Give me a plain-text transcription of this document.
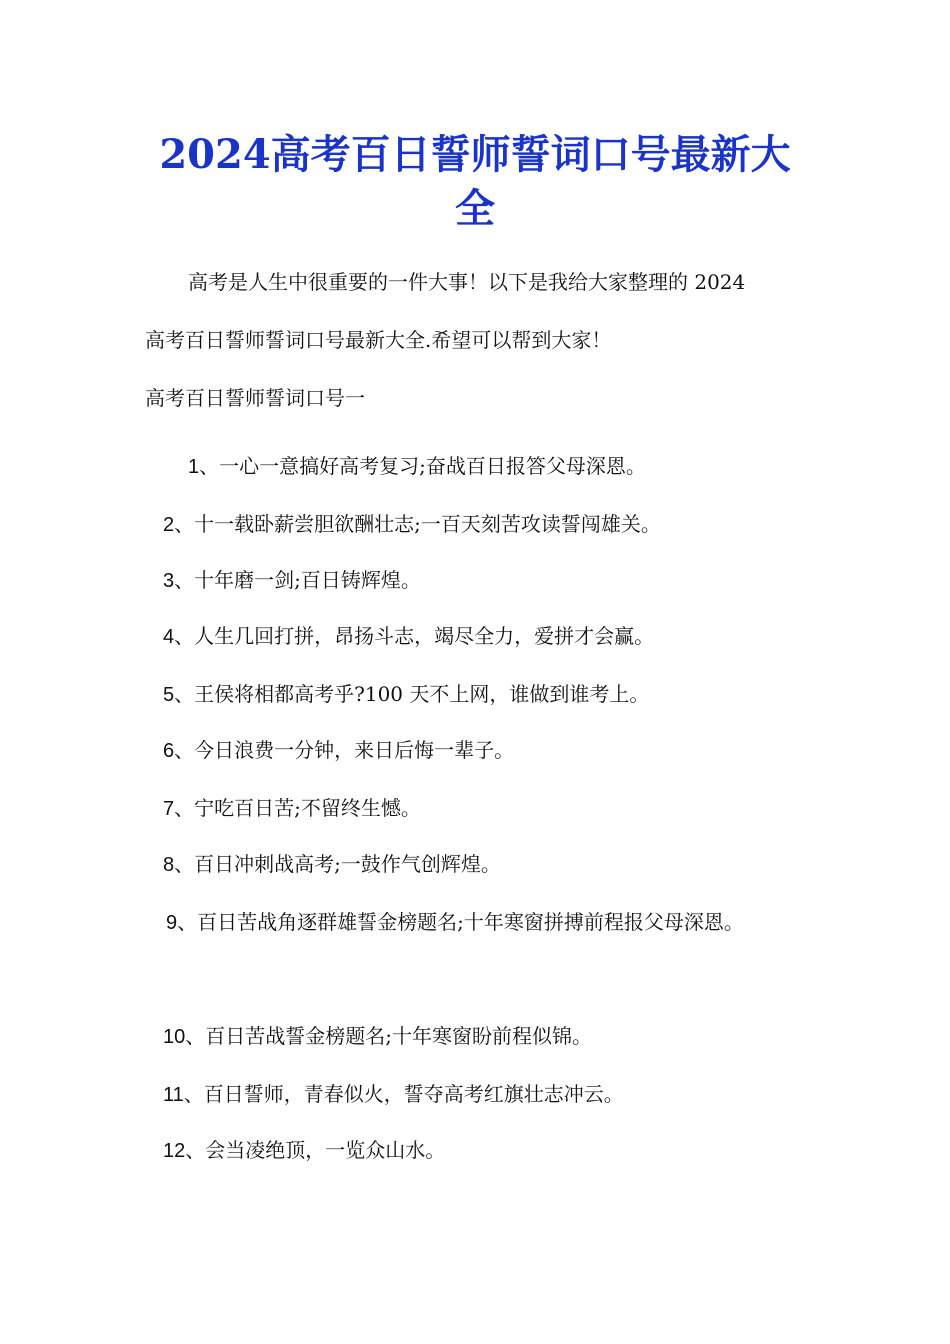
2024高考百日誓师誓词口号最新大全

高考是人生中很重要的一件大事！以下是我给大家整理的 2024

高考百日誓师誓词口号最新大全.希望可以帮到大家！

高考百日誓师誓词口号一

1、一心一意搞好高考复习;奋战百日报答父母深恩。

2、十一载卧薪尝胆欲酬壮志;一百天刻苦攻读誓闯雄关。

3、十年磨一剑;百日铸辉煌。

4、人生几回打拼，昂扬斗志，竭尽全力，爱拼才会赢。

5、王侯将相都高考乎?100 天不上网，谁做到谁考上。

6、今日浪费一分钟，来日后悔一辈子。

7、宁吃百日苦;不留终生憾。

8、百日冲刺战高考;一鼓作气创辉煌。

9、百日苦战角逐群雄誓金榜题名;十年寒窗拼搏前程报父母深恩。

10、百日苦战誓金榜题名;十年寒窗盼前程似锦。

11、百日誓师，青春似火，誓夺高考红旗壮志冲云。

12、会当凌绝顶，一览众山水。
